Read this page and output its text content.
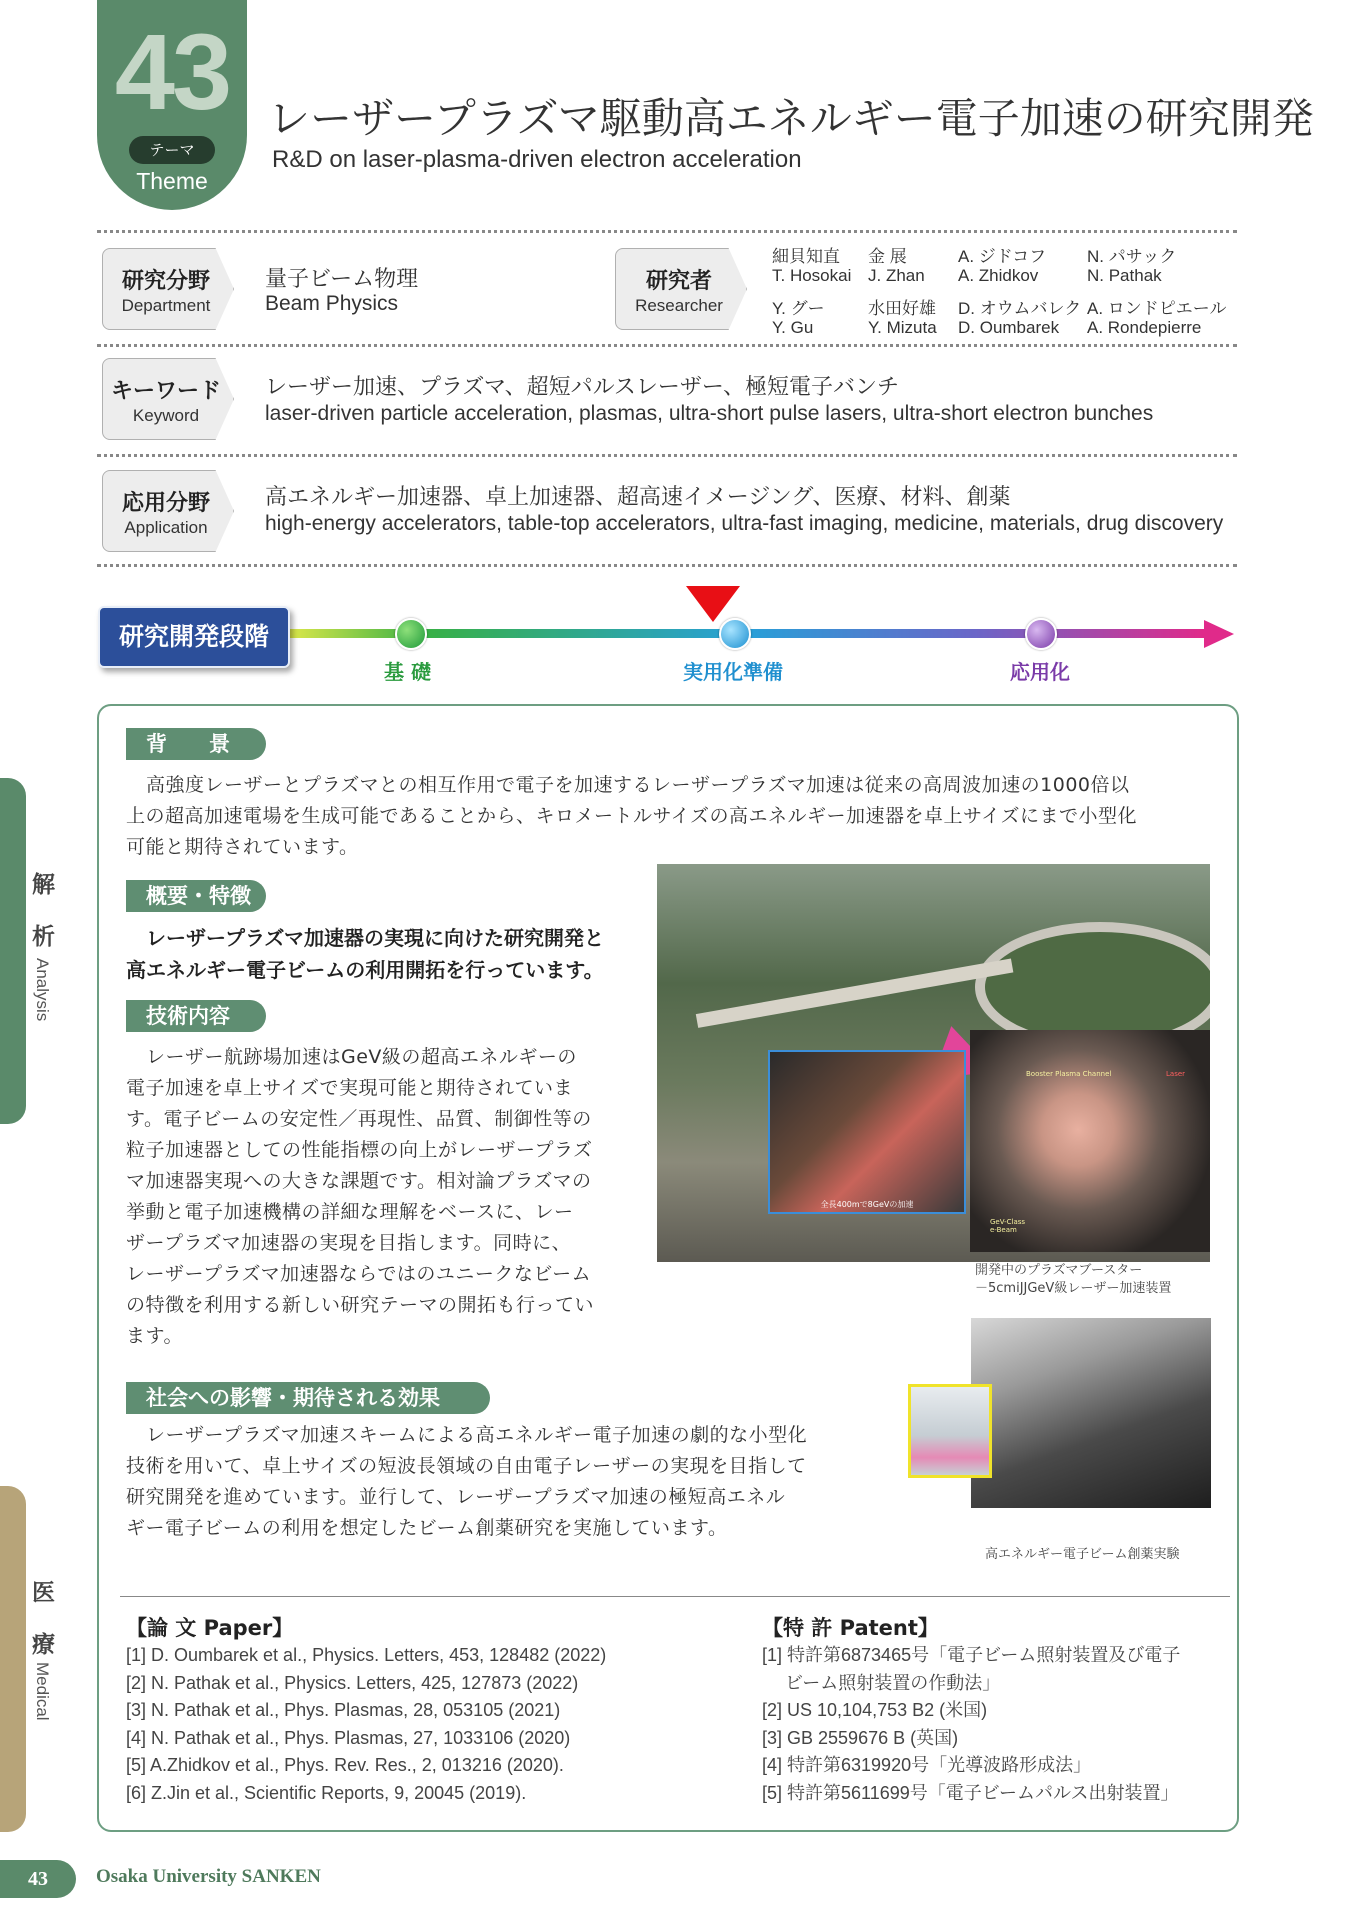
43
テーマ
Theme
レーザープラズマ駆動高エネルギー電子加速の研究開発
R&D on laser-plasma-driven electron acceleration
研究分野
Department
量子ビーム物理
Beam Physics
研究者
Researcher
細貝知直
T. Hosokai
金 展
J. Zhan
A. ジドコフ
A. Zhidkov
N. パサック
N. Pathak
Y. グー
Y. Gu
水田好雄
Y. Mizuta
D. オウムバレク
D. Oumbarek
A. ロンドピエール
A. Rondepierre
キーワード
Keyword
レーザー加速、プラズマ、超短パルスレーザー、極短電子バンチ
laser-driven particle acceleration, plasmas, ultra-short pulse lasers, ultra-short electron bunches
応用分野
Application
高エネルギー加速器、卓上加速器、超高速イメージング、医療、材料、創薬
high-energy accelerators, table-top accelerators, ultra-fast imaging, medicine, materials, drug discovery
研究開発段階
基 礎	実用化準備	応用化
背　　景
高強度レーザーとプラズマとの相互作用で電子を加速するレーザープラズマ加速は従来の高周波加速の1000倍以
上の超高加速電場を生成可能であることから、キロメートルサイズの高エネルギー加速器を卓上サイズにまで小型化
可能と期待されています。
概要・特徴
レーザープラズマ加速器の実現に向けた研究開発と
高エネルギー電子ビームの利用開拓を行っています。
技術内容
レーザー航跡場加速はGeV級の超高エネルギーの
電子加速を卓上サイズで実現可能と期待されていま
す。電子ビームの安定性／再現性、品質、制御性等の
粒子加速器としての性能指標の向上がレーザープラズ
マ加速器実現への大きな課題です。相対論プラズマの
挙動と電子加速機構の詳細な理解をベースに、レー
ザープラズマ加速器の実現を目指します。同時に、
レーザープラズマ加速器ならではのユニークなビーム
の特徴を利用する新しい研究テーマの開拓も行ってい
ます。
社会への影響・期待される効果
レーザープラズマ加速スキームによる高エネルギー電子加速の劇的な小型化
技術を用いて、卓上サイズの短波長領域の自由電子レーザーの実現を目指して
研究開発を進めています。並行して、レーザープラズマ加速の極短高エネル
ギー電子ビームの利用を想定したビーム創薬研究を実施しています。
全長400mで8GeVの加速
Booster Plasma Channel	Laser
GeV-Class e-Beam
開発中のプラズマブースター
－5cmiJJGeV級レーザー加速装置
高エネルギー電子ビーム創薬実験
【論 文 Paper】
[1] D. Oumbarek et al., Physics. Letters, 453, 128482 (2022)
[2] N. Pathak et al., Physics. Letters, 425, 127873 (2022)
[3] N. Pathak et al., Phys. Plasmas, 28, 053105 (2021)
[4] N. Pathak et al., Phys. Plasmas, 27, 1033106 (2020)
[5] A.Zhidkov et al., Phys. Rev. Res., 2, 013216 (2020).
[6] Z.Jin et al., Scientific Reports, 9, 20045 (2019).
【特 許 Patent】
[1] 特許第6873465号「電子ビーム照射装置及び電子
　 ビーム照射装置の作動法」
[2] US 10,104,753 B2 (米国)
[3] GB 2559676 B (英国)
[4] 特許第6319920号「光導波路形成法」
[5] 特許第5611699号「電子ビームパルス出射装置」
解
析
Analysis
医
療
Medical
43	Osaka University SANKEN
